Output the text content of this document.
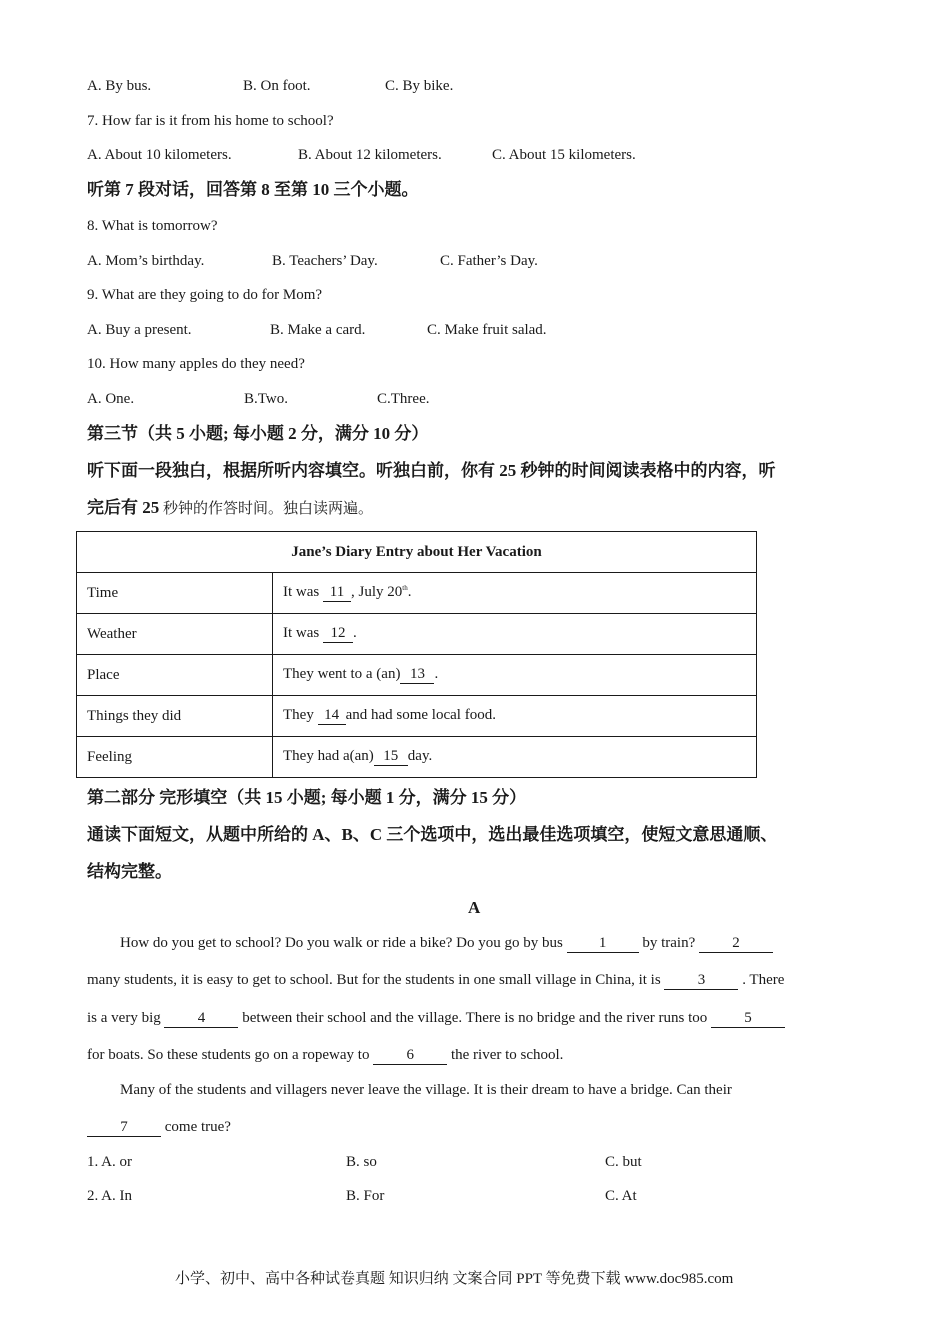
A. By bus.	B. On foot.	C. By bike.
7. How far is it from his home to school?
A. About 10 kilometers.	B. About 12 kilometers.	C. About 15 kilometers.
听第 7 段对话，回答第 8 至第 10 三个小题。
8. What is tomorrow?
A. Mom’s birthday.	B. Teachers’ Day.	C. Father’s Day.
9. What are they going to do for Mom?
A. Buy a present.	B. Make a card.	C. Make fruit salad.
10. How many apples do they need?
A. One.	B.Two.	C.Three.
第三节（共 5 小题; 每小题 2 分，满分 10 分）
听下面一段独白，根据所听内容填空。听独白前，你有 25 秒钟的时间阅读表格中的内容，听
完后有 25 秒钟的作答时间。独白读两遍。
Jane’s Diary Entry about Her Vacation	
Time	It was 11 , July 20th.
Weather	It was 12 .
Place	They went to a (an) 13 .
Things they did	They 14 and had some local food.
Feeling	They had a(an) 15 day.
第二部分 完形填空（共 15 小题; 每小题 1 分，满分 15 分）
通读下面短文，从题中所给的 A、B、C 三个选项中，选出最佳选项填空，使短文意思通顺、
结构完整。
A
How do you get to school? Do you walk or ride a bike? Do you go by bus 1 by train? 2
many students, it is easy to get to school. But for the students in one small village in China, it is 3 . There
is a very big 4 between their school and the village. There is no bridge and the river runs too 5
for boats. So these students go on a ropeway to 6 the river to school.
Many of the students and villagers never leave the village. It is their dream to have a bridge. Can their
7 come true?
1. A. or	B. so	C. but
2. A. In	B. For	C. At
小学、初中、高中各种试卷真题 知识归纳 文案合同 PPT 等免费下载 www.doc985.com
